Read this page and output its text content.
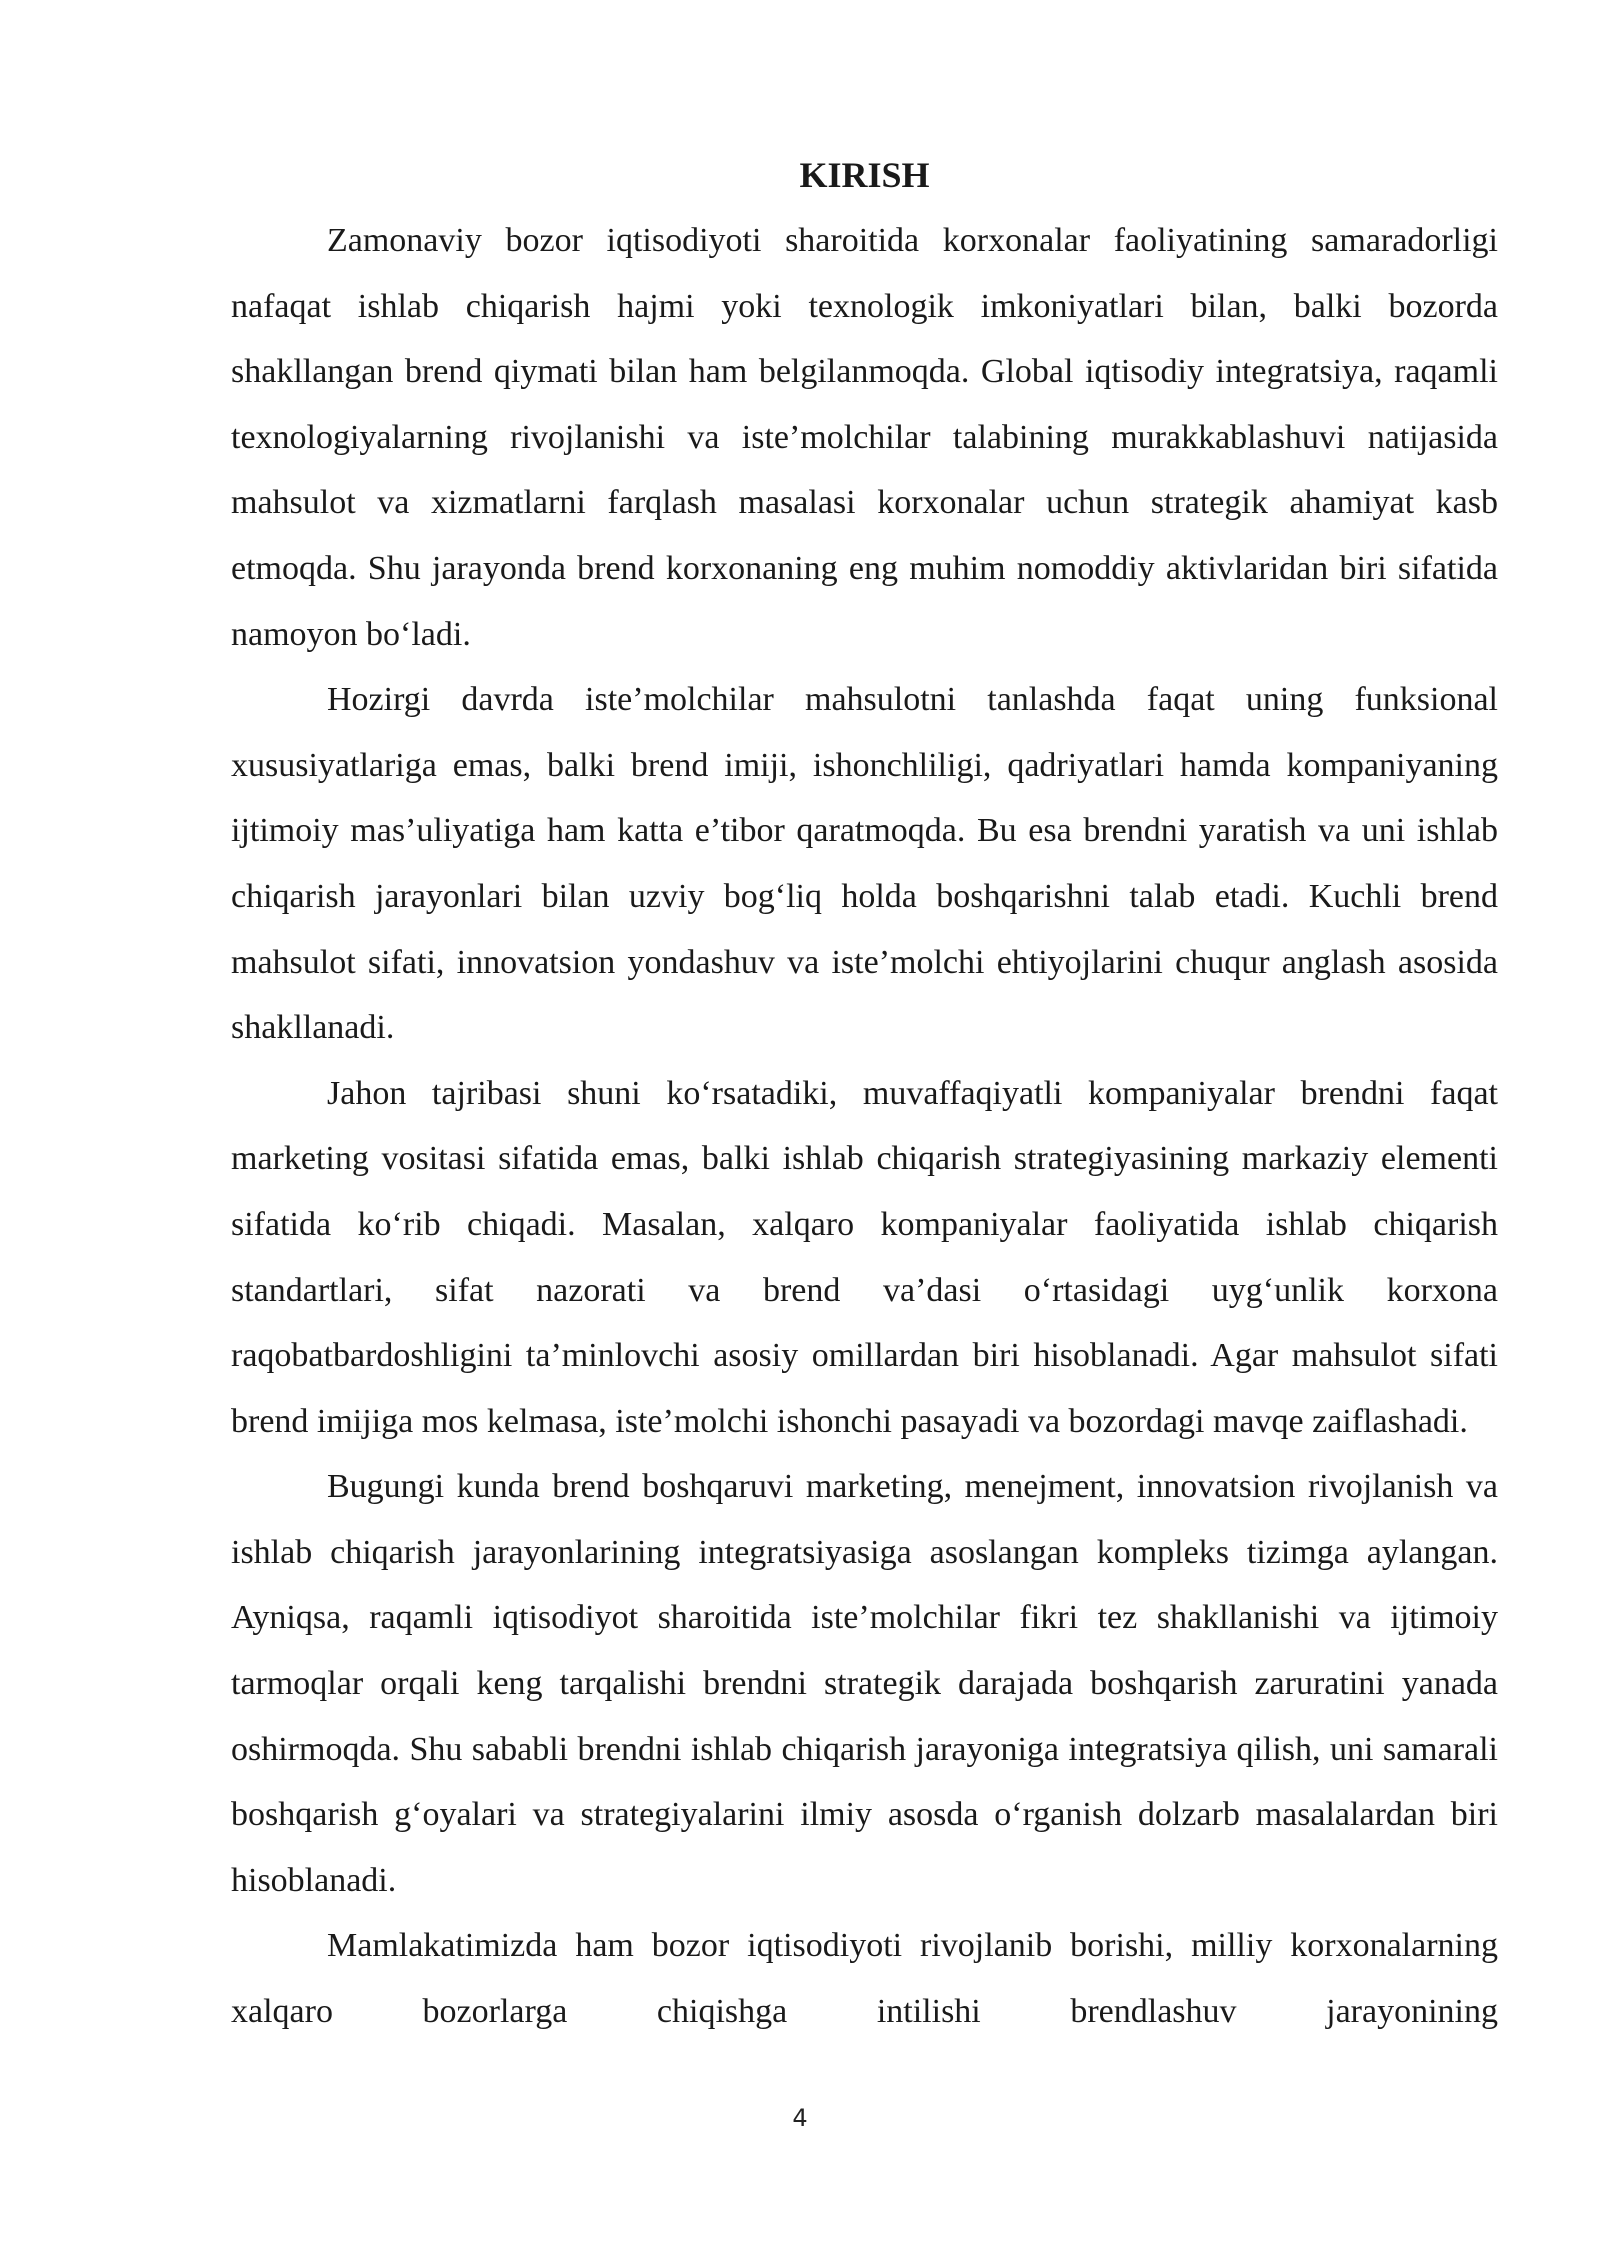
KIRISH

Zamonaviy bozor iqtisodiyoti sharoitida korxonalar faoliyatining samaradorligi nafaqat ishlab chiqarish hajmi yoki texnologik imkoniyatlari bilan, balki bozorda shakllangan brend qiymati bilan ham belgilanmoqda. Global iqtisodiy integratsiya, raqamli texnologiyalarning rivojlanishi va iste’molchilar talabining murakkablashuvi natijasida mahsulot va xizmatlarni farqlash masalasi korxonalar uchun strategik ahamiyat kasb etmoqda. Shu jarayonda brend korxonaning eng muhim nomoddiy aktivlaridan biri sifatida namoyon bo‘ladi.

Hozirgi davrda iste’molchilar mahsulotni tanlashda faqat uning funksional xususiyatlariga emas, balki brend imiji, ishonchliligi, qadriyatlari hamda kompaniyaning ijtimoiy mas’uliyatiga ham katta e’tibor qaratmoqda. Bu esa brendni yaratish va uni ishlab chiqarish jarayonlari bilan uzviy bog‘liq holda boshqarishni talab etadi. Kuchli brend mahsulot sifati, innovatsion yondashuv va iste’molchi ehtiyojlarini chuqur anglash asosida shakllanadi.

Jahon tajribasi shuni ko‘rsatadiki, muvaffaqiyatli kompaniyalar brendni faqat marketing vositasi sifatida emas, balki ishlab chiqarish strategiyasining markaziy elementi sifatida ko‘rib chiqadi. Masalan, xalqaro kompaniyalar faoliyatida ishlab chiqarish standartlari, sifat nazorati va brend va’dasi o‘rtasidagi uyg‘unlik korxona raqobatbardoshligini ta’minlovchi asosiy omillardan biri hisoblanadi. Agar mahsulot sifati brend imijiga mos kelmasa, iste’molchi ishonchi pasayadi va bozordagi mavqe zaiflashadi.

Bugungi kunda brend boshqaruvi marketing, menejment, innovatsion rivojlanish va ishlab chiqarish jarayonlarining integratsiyasiga asoslangan kompleks tizimga aylangan. Ayniqsa, raqamli iqtisodiyot sharoitida iste’molchilar fikri tez shakllanishi va ijtimoiy tarmoqlar orqali keng tarqalishi brendni strategik darajada boshqarish zaruratini yanada oshirmoqda. Shu sababli brendni ishlab chiqarish jarayoniga integratsiya qilish, uni samarali boshqarish g‘oyalari va strategiyalarini ilmiy asosda o‘rganish dolzarb masalalardan biri hisoblanadi.

Mamlakatimizda ham bozor iqtisodiyoti rivojlanib borishi, milliy korxonalarning xalqaro bozorlarga chiqishga intilishi brendlashuv jarayonining

4
